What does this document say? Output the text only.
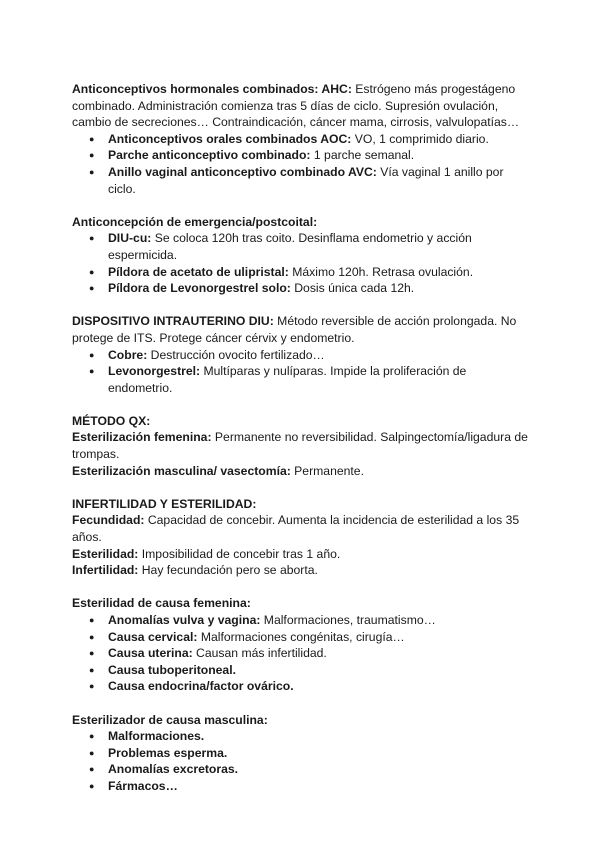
Anticonceptivos hormonales combinados: AHC: Estrógeno más progestágeno combinado. Administración comienza tras 5 días de ciclo. Supresión ovulación, cambio de secreciones… Contraindicación, cáncer mama, cirrosis, valvulopatías…

● Anticonceptivos orales combinados AOC: VO, 1 comprimido diario.
● Parche anticonceptivo combinado: 1 parche semanal.
● Anillo vaginal anticonceptivo combinado AVC: Vía vaginal 1 anillo por ciclo.

Anticoncepción de emergencia/postcoital:

● DIU-cu: Se coloca 120h tras coito. Desinflama endometrio y acción espermicida.
● Píldora de acetato de ulipristal: Máximo 120h. Retrasa ovulación.
● Píldora de Levonorgestrel solo: Dosis única cada 12h.

DISPOSITIVO INTRAUTERINO DIU: Método reversible de acción prolongada. No protege de ITS. Protege cáncer cérvix y endometrio.

● Cobre: Destrucción ovocito fertilizado…
● Levonorgestrel: Multíparas y nulíparas. Impide la proliferación de endometrio.

MÉTODO QX:

Esterilización femenina: Permanente no reversibilidad. Salpingectomía/ligadura de trompas.

Esterilización masculina/ vasectomía: Permanente.

INFERTILIDAD Y ESTERILIDAD:

Fecundidad: Capacidad de concebir. Aumenta la incidencia de esterilidad a los 35 años.

Esterilidad: Imposibilidad de concebir tras 1 año.

Infertilidad: Hay fecundación pero se aborta.

Esterilidad de causa femenina:

● Anomalías vulva y vagina: Malformaciones, traumatismo…
● Causa cervical: Malformaciones congénitas, cirugía…
● Causa uterina: Causan más infertilidad.
● Causa tuboperitoneal.
● Causa endocrina/factor ovárico.

Esterilizador de causa masculina:

● Malformaciones.
● Problemas esperma.
● Anomalías excretoras.
● Fármacos…
